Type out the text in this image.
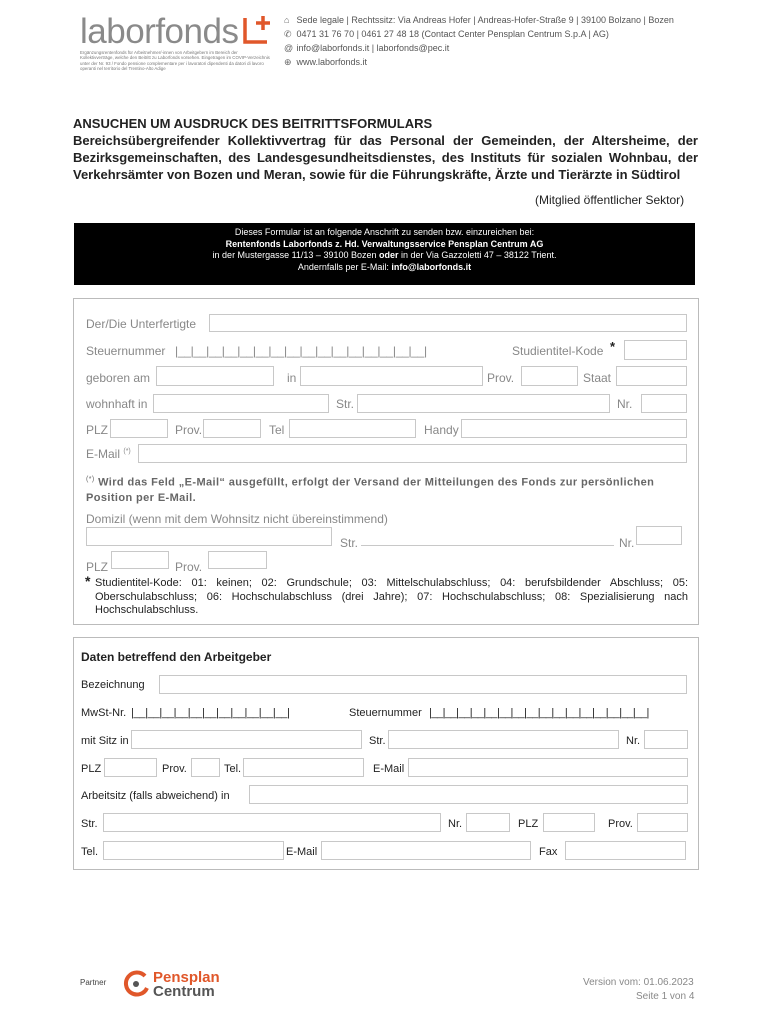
laborfonds
Ergänzungsrentenfonds für Arbeitnehmer/-innen von Arbeitgebern im Bereich der Kollektivverträge, welche den Beitritt zu Laborfonds vorsehen. Eingetragen im COVIP-Verzeichnis unter der Nr. 93 / Fondo pensione complementare per i lavoratori dipendenti da datori di lavoro operanti nel territorio del Trentino-Alto Adige
⌂ Sede legale | Rechtssitz: Via Andreas Hofer | Andreas-Hofer-Straße 9 | 39100 Bolzano | Bozen
✆ 0471 31 76 70 | 0461 27 48 18 (Contact Center Pensplan Centrum S.p.A | AG)
@ info@laborfonds.it | laborfonds@pec.it
⊕ www.laborfonds.it
ANSUCHEN UM AUSDRUCK DES BEITRITTSFORMULARS
Bereichsübergreifender Kollektivvertrag für das Personal der Gemeinden, der Altersheime, der Bezirksgemeinschaften, des Landesgesundheitsdienstes, des Instituts für sozialen Wohnbau, der Verkehrsämter von Bozen und Meran, sowie für die Führungskräfte, Ärzte und Tierärzte in Südtirol
(Mitglied öffentlicher Sektor)
Dieses Formular ist an folgende Anschrift zu senden bzw. einzureichen bei:
Rentenfonds Laborfonds z. Hd. Verwaltungsservice Pensplan Centrum AG
in der Mustergasse 11/13 – 39100 Bozen oder in der Via Gazzoletti 47 – 38122 Trient.
Andernfalls per E-Mail: info@laborfonds.it
Der/Die Unterfertigte
Steuernummer |__|__|__|__|__|__|__|__|__|__|__|__|__|__|__|__|	Studientitel-Kode *
geboren am	in	Prov.	Staat
wohnhaft in	Str.	Nr.
PLZ	Prov.	Tel	Handy
E-Mail (*)
(*) Wird das Feld „E-Mail“ ausgefüllt, erfolgt der Versand der Mitteilungen des Fonds zur persönlichen Position per E-Mail.
Domizil (wenn mit dem Wohnsitz nicht übereinstimmend)
Str.	Nr.
PLZ	Prov.
* Studientitel-Kode: 01: keinen; 02: Grundschule; 03: Mittelschulabschluss; 04: berufsbildender Abschluss; 05: Oberschulabschluss; 06: Hochschulabschluss (drei Jahre); 07: Hochschulabschluss; 08: Spezialisierung nach Hochschulabschluss.
Daten betreffend den Arbeitgeber
Bezeichnung
MwSt-Nr. |__|__|__|__|__|__|__|__|__|__|__|	Steuernummer |__|__|__|__|__|__|__|__|__|__|__|__|__|__|__|__|
mit Sitz in	Str.	Nr.
PLZ	Prov.	Tel.	E-Mail
Arbeitsitz (falls abweichend) in
Str.	Nr.	PLZ	Prov.
Tel.	E-Mail	Fax
Partner	Pensplan
Centrum
Version vom: 01.06.2023
Seite 1 von 4
